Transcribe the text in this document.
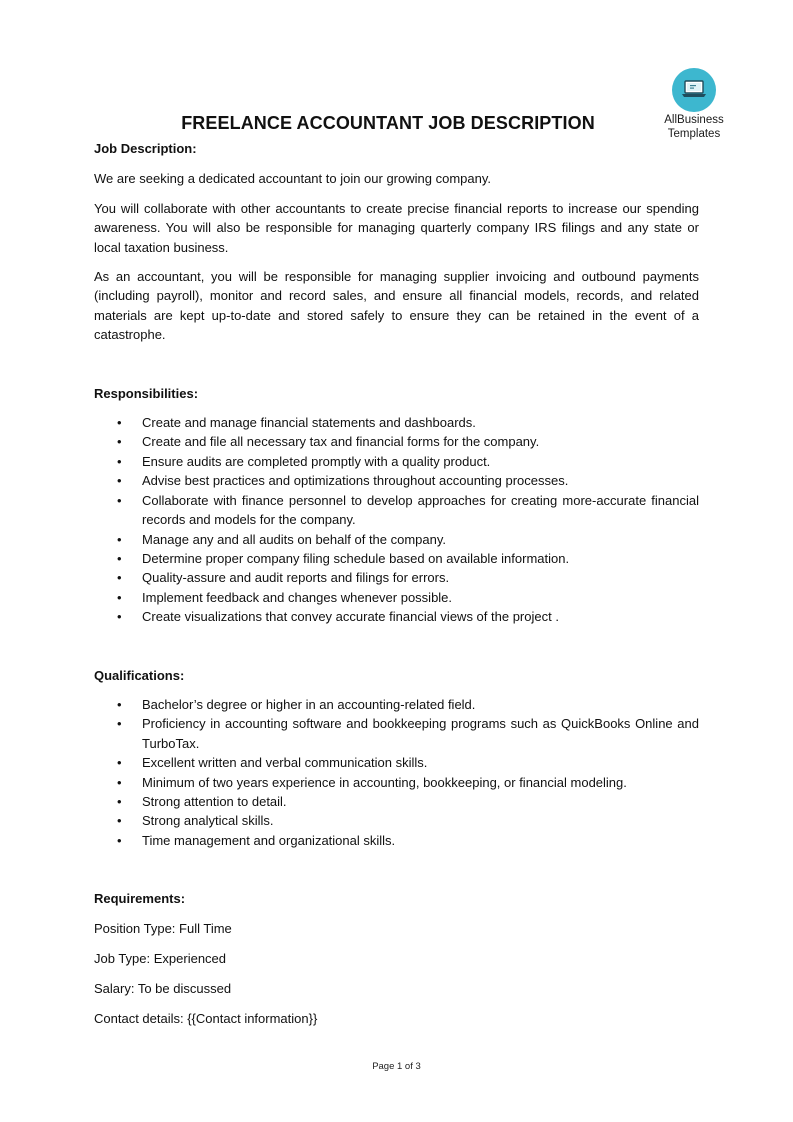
AllBusiness
Templates
FREELANCE ACCOUNTANT JOB DESCRIPTION

Job Description:

We are seeking a dedicated accountant to join our growing company.

You will collaborate with other accountants to create precise financial reports to increase our spending awareness. You will also be responsible for managing quarterly company IRS filings and any state or local taxation business.

As an accountant, you will be responsible for managing supplier invoicing and outbound payments (including payroll), monitor and record sales, and ensure all financial models, records, and related materials are kept up-to-date and stored safely to ensure they can be retained in the event of a catastrophe.

Responsibilities:

• Create and manage financial statements and dashboards.
• Create and file all necessary tax and financial forms for the company.
• Ensure audits are completed promptly with a quality product.
• Advise best practices and optimizations throughout accounting processes.
• Collaborate with finance personnel to develop approaches for creating more-accurate financial records and models for the company.
• Manage any and all audits on behalf of the company.
• Determine proper company filing schedule based on available information.
• Quality-assure and audit reports and filings for errors.
• Implement feedback and changes whenever possible.
• Create visualizations that convey accurate financial views of the project .

Qualifications:

• Bachelor’s degree or higher in an accounting-related field.
• Proficiency in accounting software and bookkeeping programs such as QuickBooks Online and TurboTax.
• Excellent written and verbal communication skills.
• Minimum of two years experience in accounting, bookkeeping, or financial modeling.
• Strong attention to detail.
• Strong analytical skills.
• Time management and organizational skills.

Requirements:

Position Type: Full Time

Job Type: Experienced

Salary: To be discussed

Contact details: {{Contact information}}

Page 1 of 3
